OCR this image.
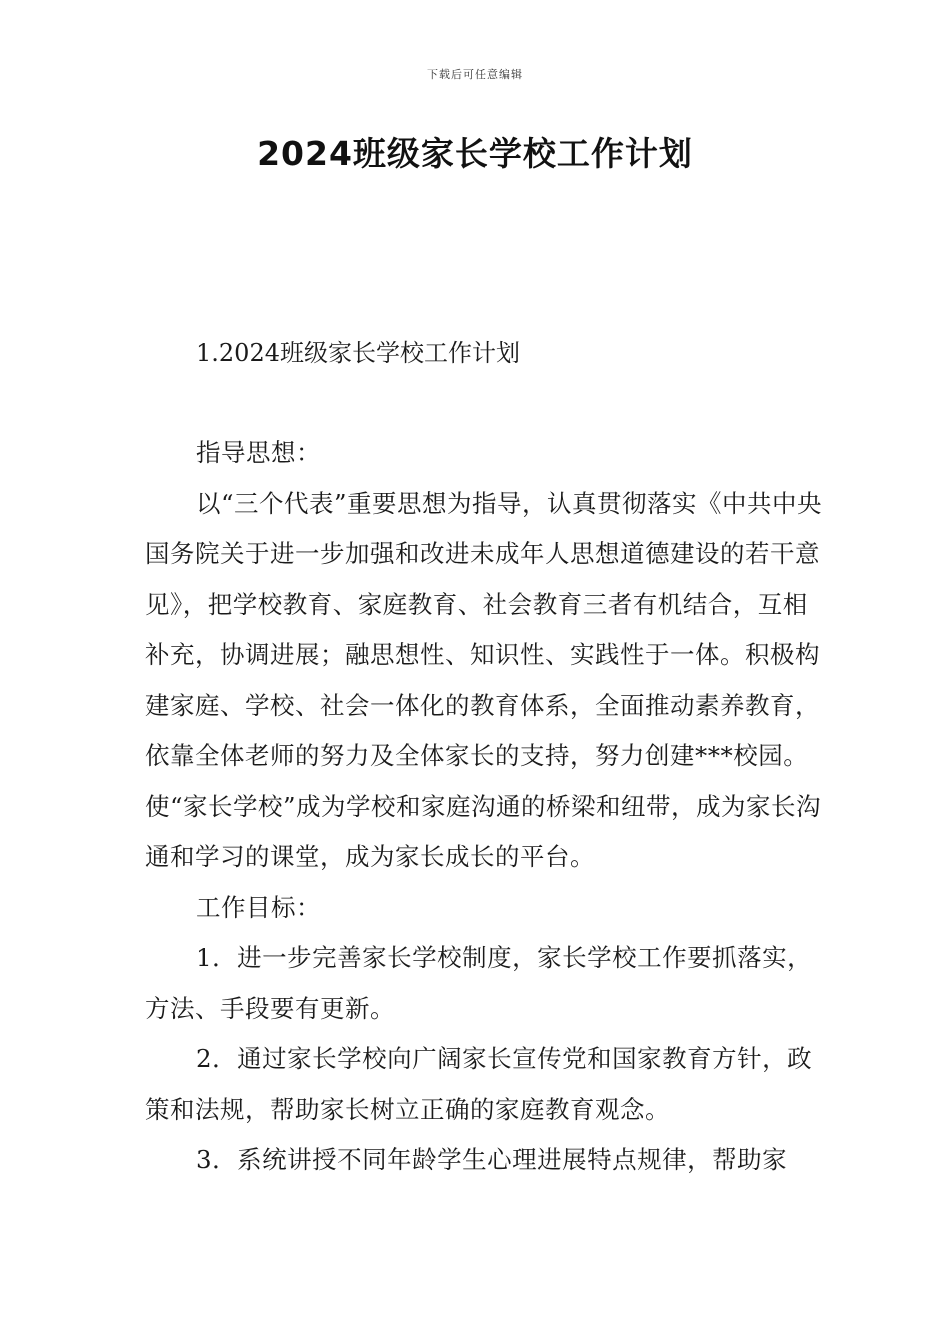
下载后可任意编辑
2024班级家长学校工作计划
1.2024班级家长学校工作计划

指导思想：

以“三个代表”重要思想为指导，认真贯彻落实《中共中央国务院关于进一步加强和改进未成年人思想道德建设的若干意见》，把学校教育、家庭教育、社会教育三者有机结合，互相补充，协调进展；融思想性、知识性、实践性于一体。积极构建家庭、学校、社会一体化的教育体系，全面推动素养教育，依靠全体老师的努力及全体家长的支持，努力创建***校园。使“家长学校”成为学校和家庭沟通的桥梁和纽带，成为家长沟通和学习的课堂，成为家长成长的平台。

工作目标：

1．进一步完善家长学校制度，家长学校工作要抓落实，方法、手段要有更新。

2．通过家长学校向广阔家长宣传党和国家教育方针，政策和法规，帮助家长树立正确的家庭教育观念。

3．系统讲授不同年龄学生心理进展特点规律，帮助家
